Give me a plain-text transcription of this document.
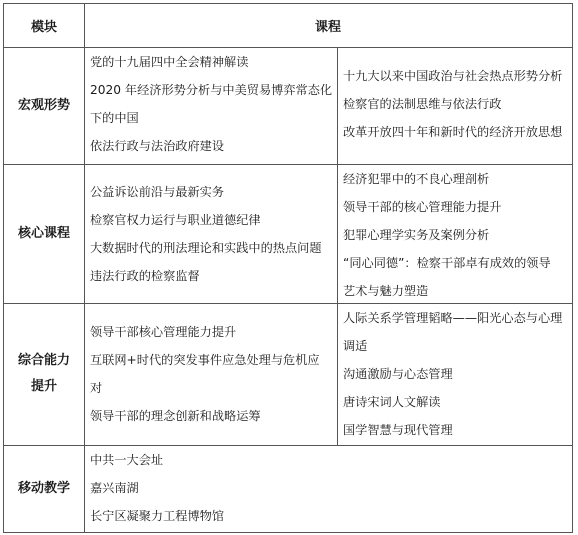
模块	课程
宏观形势
党的十九届四中全会精神解读
2020 年经济形势分析与中美贸易博弈常态化
下的中国
依法行政与法治政府建设
十九大以来中国政治与社会热点形势分析
检察官的法制思维与依法行政
改革开放四十年和新时代的经济开放思想
核心课程
公益诉讼前沿与最新实务
检察官权力运行与职业道德纪律
大数据时代的刑法理论和实践中的热点问题
违法行政的检察监督
经济犯罪中的不良心理剖析
领导干部的核心管理能力提升
犯罪心理学实务及案例分析
“同心同德”：检察干部卓有成效的领导
艺术与魅力塑造
综合能力
提升
领导干部核心管理能力提升
互联网+时代的突发事件应急处理与危机应
对
领导干部的理念创新和战略运筹
人际关系学管理韬略——阳光心态与心理
调适
沟通激励与心态管理
唐诗宋词人文解读
国学智慧与现代管理
移动教学
中共一大会址
嘉兴南湖
长宁区凝聚力工程博物馆
